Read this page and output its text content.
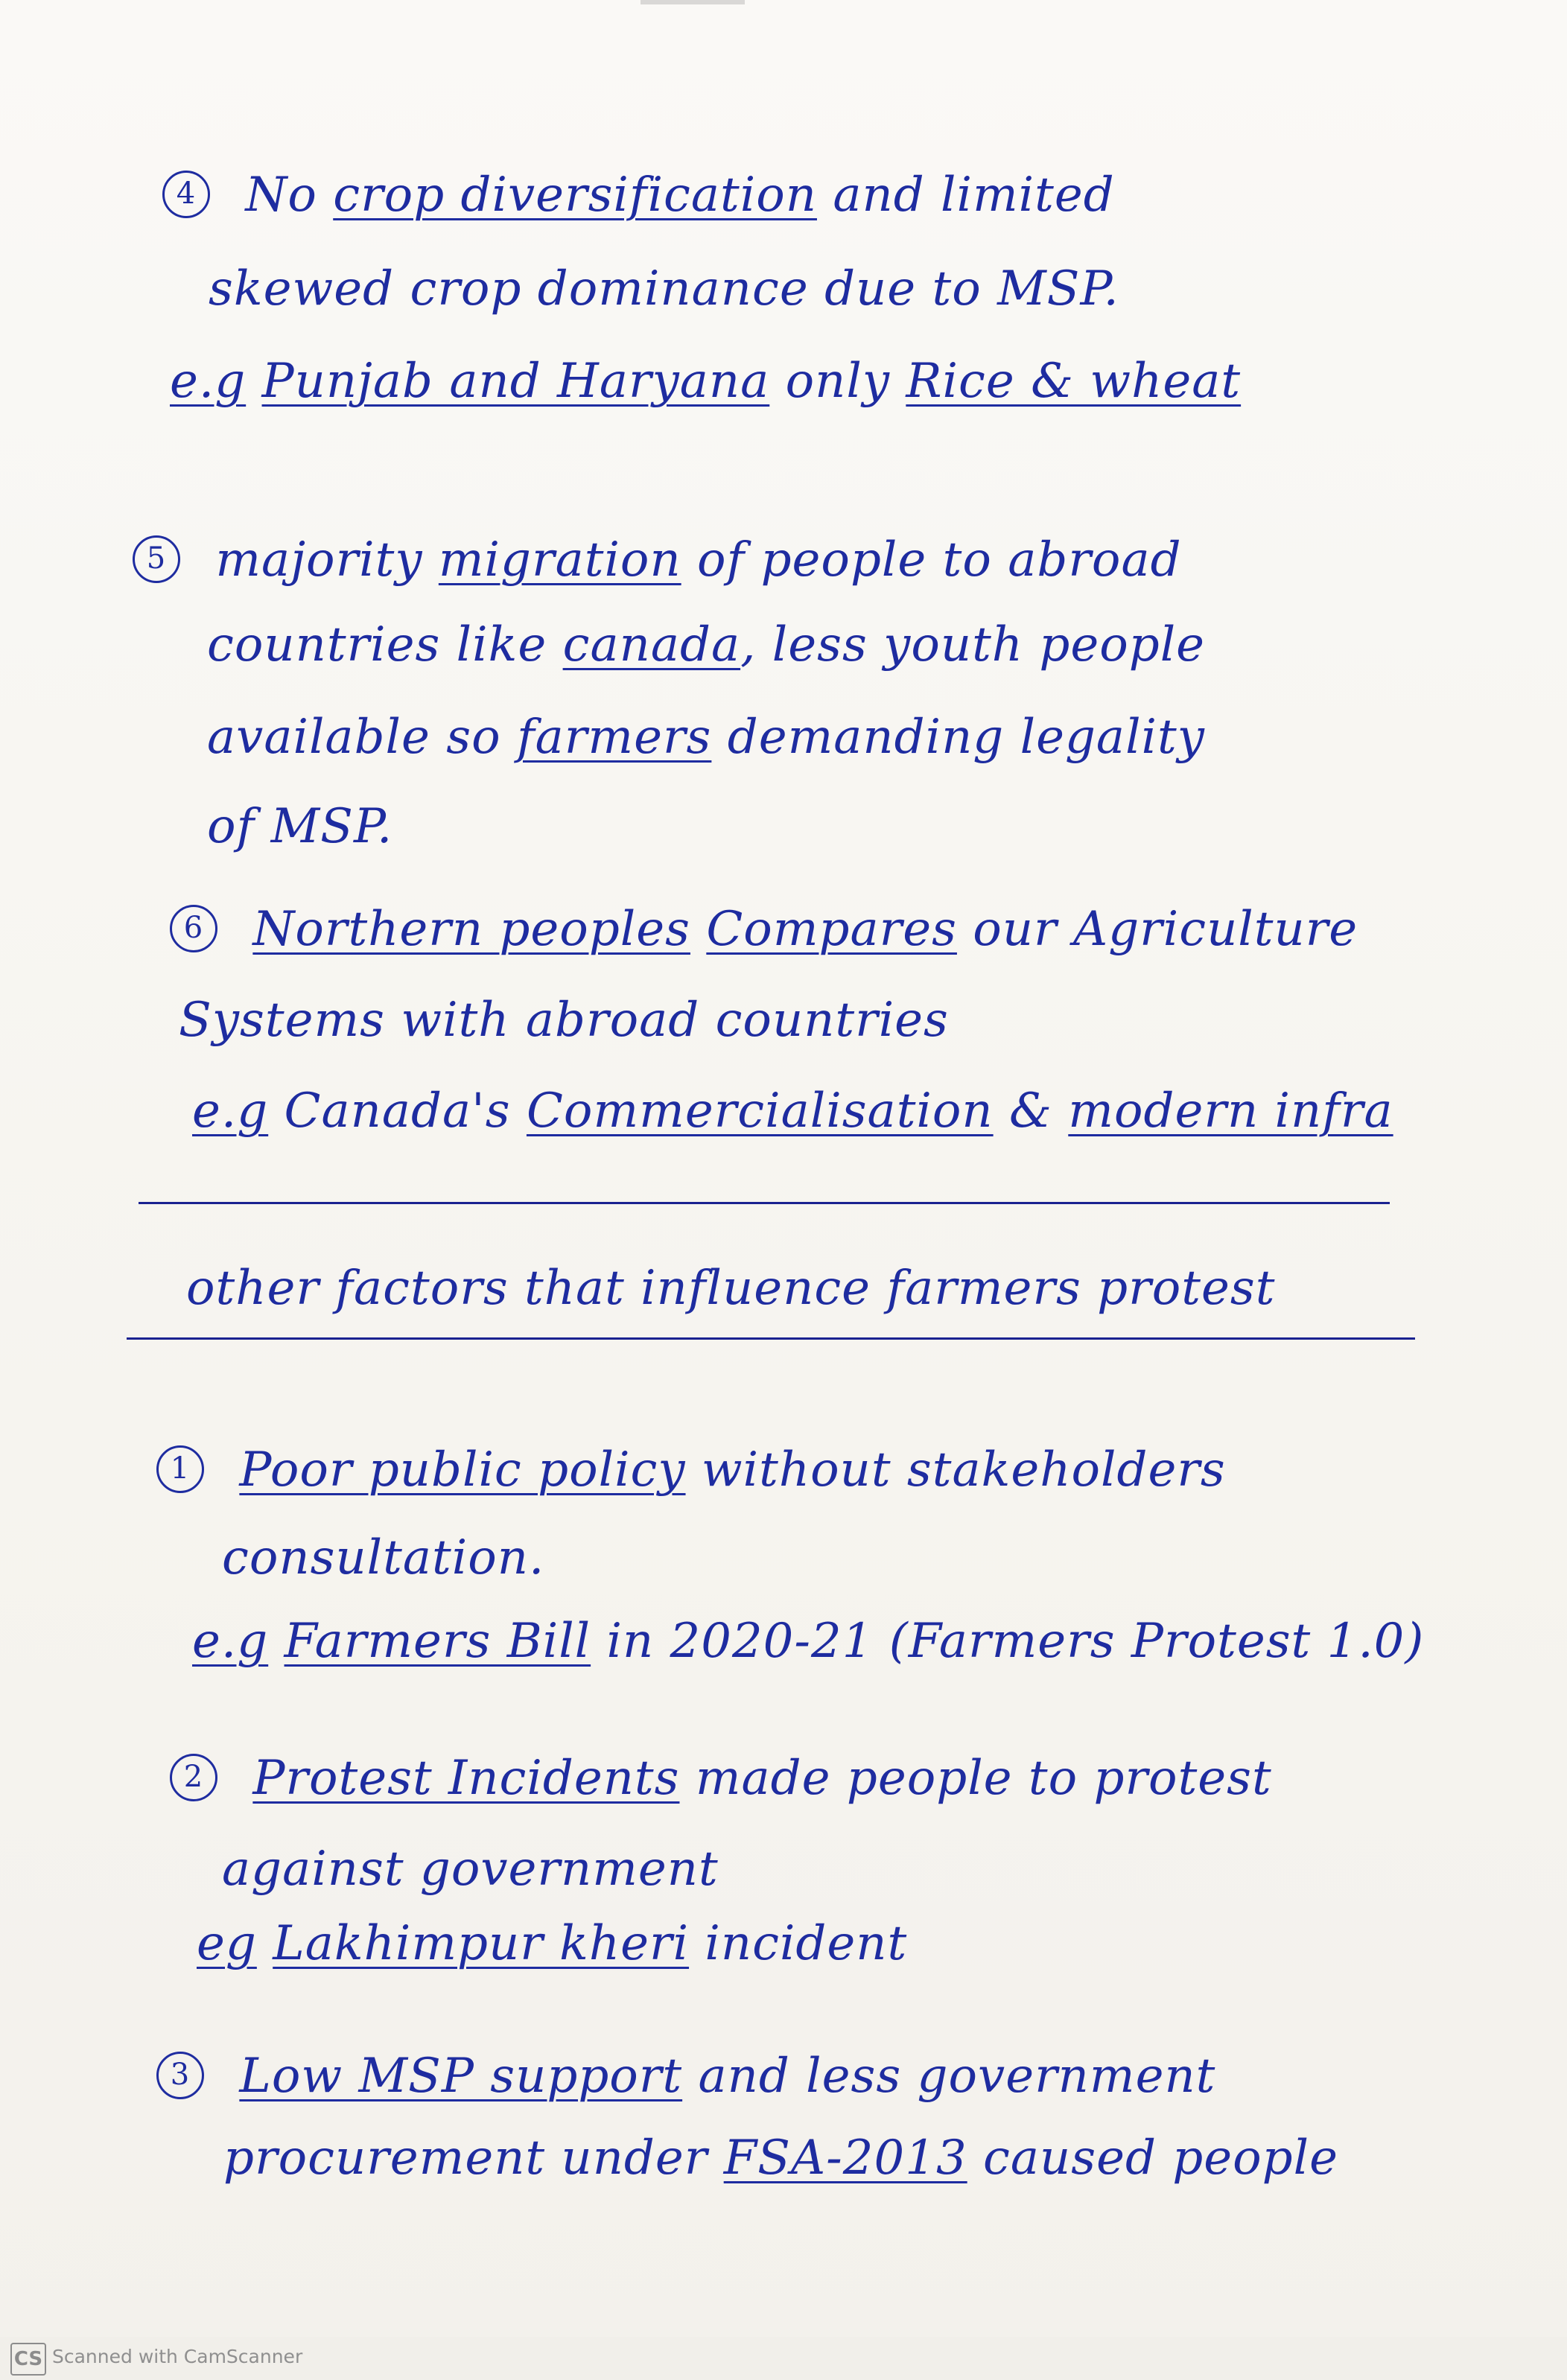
4 No crop diversification and limited
skewed crop dominance due to MSP.
e.g Punjab and Haryana only Rice & wheat
5 majority migration of people to abroad
countries like canada, less youth people
available so farmers demanding legality
of MSP.
6 Northern peoples Compares our Agriculture
Systems with abroad countries
e.g Canada's Commercialisation & modern infra
other factors that influence farmers protest
1 Poor public policy without stakeholders
consultation.
e.g Farmers Bill in 2020-21 (Farmers Protest 1.0)
2 Protest Incidents made people to protest
against government
eg Lakhimpur kheri incident
3 Low MSP support and less government
procurement under FSA-2013 caused people
CS Scanned with CamScanner
